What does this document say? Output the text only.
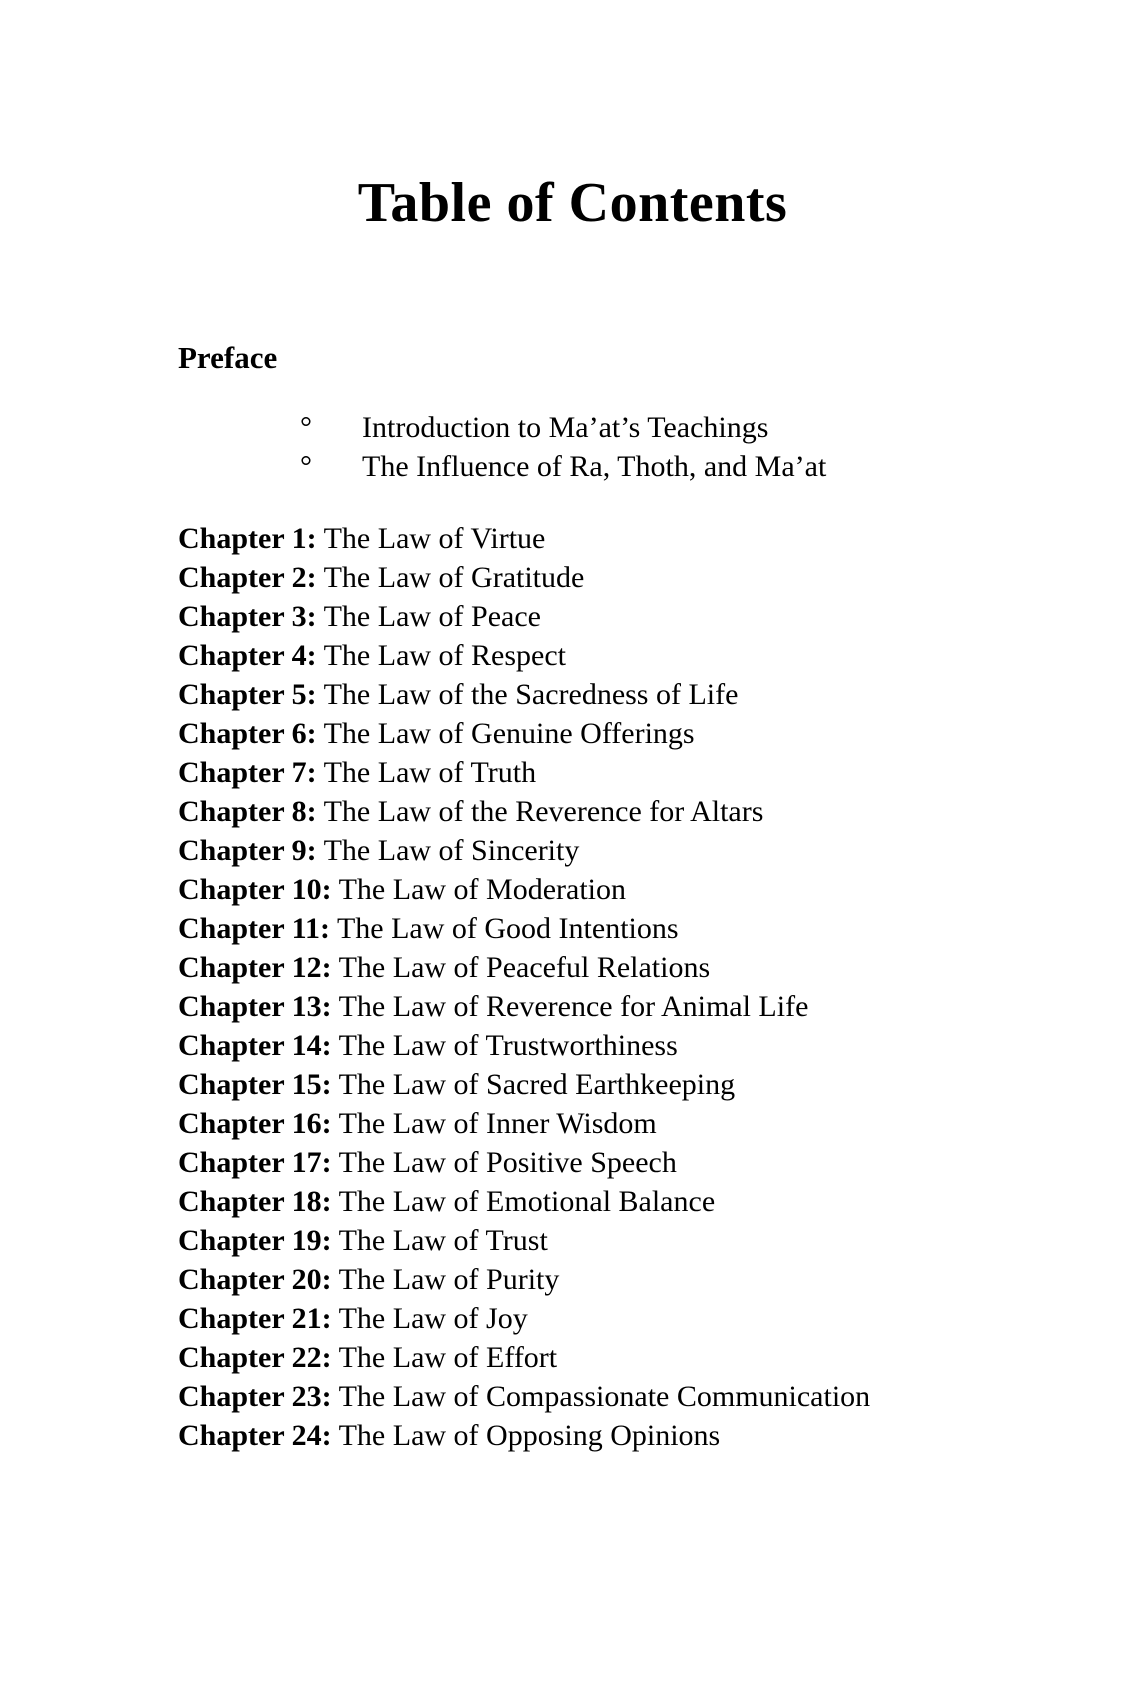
Table of Contents
Preface
° Introduction to Ma’at’s Teachings
° The Influence of Ra, Thoth, and Ma’at
Chapter 1: The Law of Virtue
Chapter 2: The Law of Gratitude
Chapter 3: The Law of Peace
Chapter 4: The Law of Respect
Chapter 5: The Law of the Sacredness of Life
Chapter 6: The Law of Genuine Offerings
Chapter 7: The Law of Truth
Chapter 8: The Law of the Reverence for Altars
Chapter 9: The Law of Sincerity
Chapter 10: The Law of Moderation
Chapter 11: The Law of Good Intentions
Chapter 12: The Law of Peaceful Relations
Chapter 13: The Law of Reverence for Animal Life
Chapter 14: The Law of Trustworthiness
Chapter 15: The Law of Sacred Earthkeeping
Chapter 16: The Law of Inner Wisdom
Chapter 17: The Law of Positive Speech
Chapter 18: The Law of Emotional Balance
Chapter 19: The Law of Trust
Chapter 20: The Law of Purity
Chapter 21: The Law of Joy
Chapter 22: The Law of Effort
Chapter 23: The Law of Compassionate Communication
Chapter 24: The Law of Opposing Opinions
